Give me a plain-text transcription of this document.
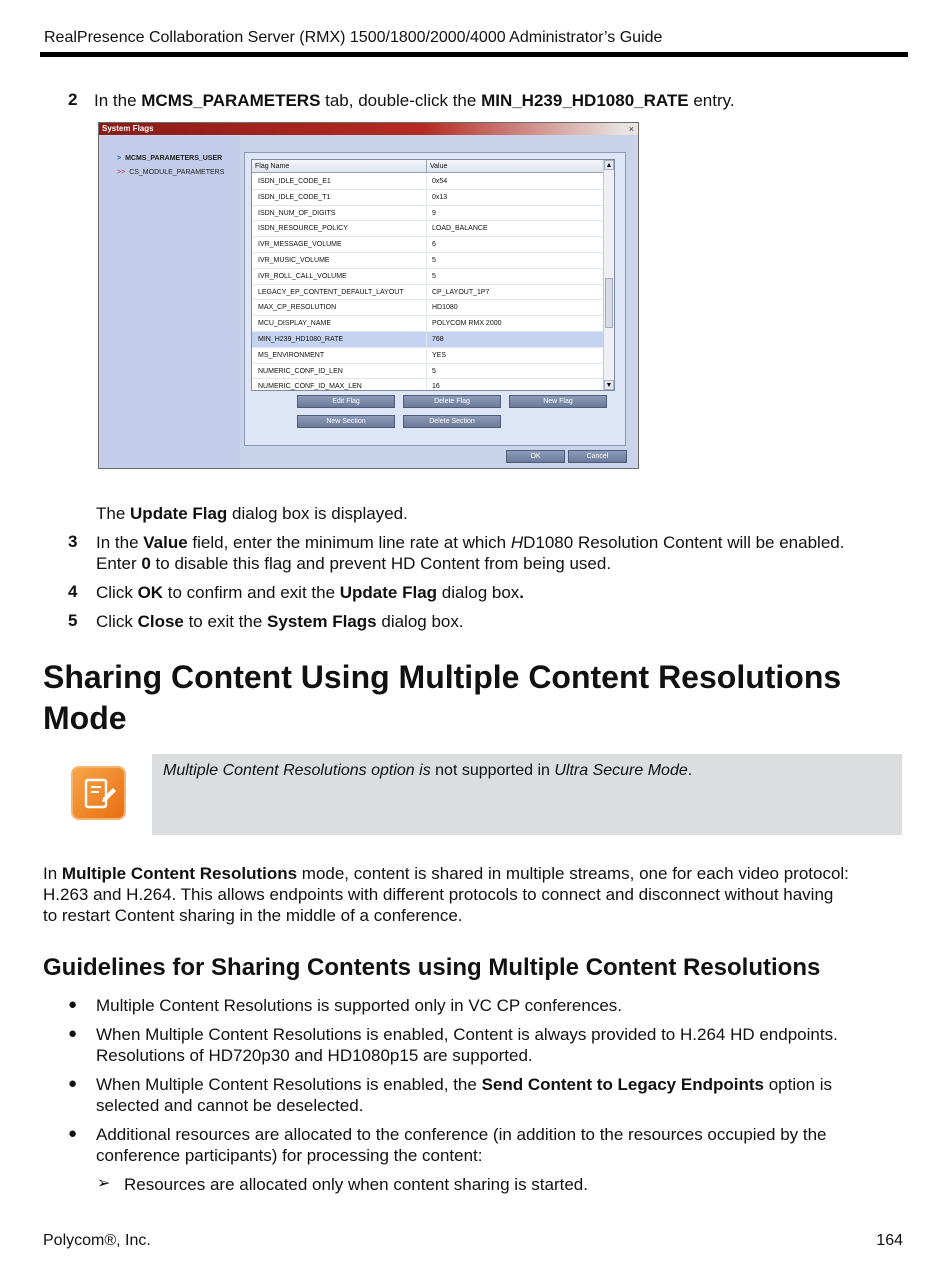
RealPresence Collaboration Server (RMX) 1500/1800/2000/4000 Administrator’s Guide
2 In the MCMS_PARAMETERS tab, double-click the MIN_H239_HD1080_RATE entry.
System Flags	×
> MCMS_PARAMETERS_USER
>> CS_MODULE_PARAMETERS
Flag Name	Value
ISDN_IDLE_CODE_E1	0x54
ISDN_IDLE_CODE_T1	0x13
ISDN_NUM_OF_DIGITS	9
ISDN_RESOURCE_POLICY	LOAD_BALANCE
IVR_MESSAGE_VOLUME	6
IVR_MUSIC_VOLUME	5
IVR_ROLL_CALL_VOLUME	5
LEGACY_EP_CONTENT_DEFAULT_LAYOUT	CP_LAYOUT_1P7
MAX_CP_RESOLUTION	HD1080
MCU_DISPLAY_NAME	POLYCOM RMX 2000
MIN_H239_HD1080_RATE	768
MS_ENVIRONMENT	YES
NUMERIC_CONF_ID_LEN	5
NUMERIC_CONF_ID_MAX_LEN	16
▲
▼
Edit Flag	Delete Flag	New Flag
New Section	Delete Section
OK	Cancel
The Update Flag dialog box is displayed.
3 In the Value field, enter the minimum line rate at which HD1080 Resolution Content will be enabled.
Enter 0 to disable this flag and prevent HD Content from being used.
4 Click OK to confirm and exit the Update Flag dialog box.
5 Click Close to exit the System Flags dialog box.
Sharing Content Using Multiple Content Resolutions Mode
Multiple Content Resolutions option is not supported in Ultra Secure Mode.
In Multiple Content Resolutions mode, content is shared in multiple streams, one for each video protocol:
H.263 and H.264. This allows endpoints with different protocols to connect and disconnect without having
to restart Content sharing in the middle of a conference.
Guidelines for Sharing Contents using Multiple Content Resolutions
● Multiple Content Resolutions is supported only in VC CP conferences.
● When Multiple Content Resolutions is enabled, Content is always provided to H.264 HD endpoints.
Resolutions of HD720p30 and HD1080p15 are supported.
● When Multiple Content Resolutions is enabled, the Send Content to Legacy Endpoints option is
selected and cannot be deselected.
● Additional resources are allocated to the conference (in addition to the resources occupied by the
conference participants) for processing the content:
➢ Resources are allocated only when content sharing is started.
Polycom®, Inc.	164
